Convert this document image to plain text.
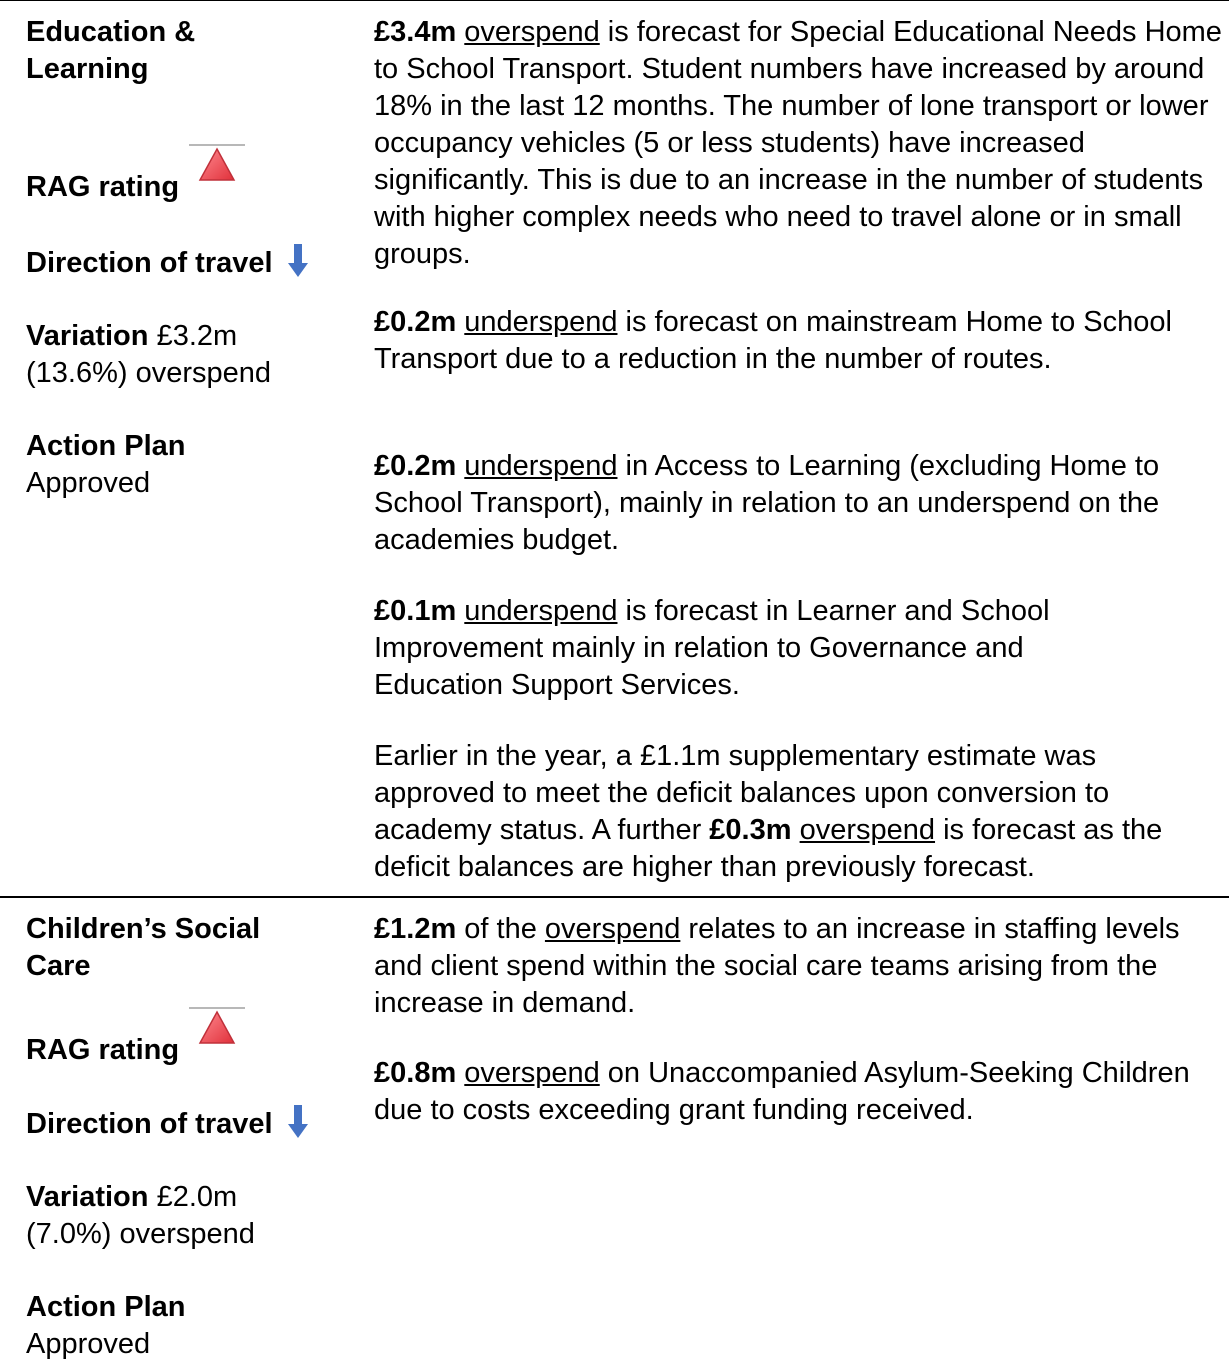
Education & Learning
RAG rating
Direction of travel
Variation £3.2m
(13.6%) overspend
Action Plan
Approved

£3.4m overspend is forecast for Special Educational Needs Home to School Transport. Student numbers have increased by around 18% in the last 12 months. The number of lone transport or lower occupancy vehicles (5 or less students) have increased significantly. This is due to an increase in the number of students with higher complex needs who need to travel alone or in small groups.

£0.2m underspend is forecast on mainstream Home to School Transport due to a reduction in the number of routes.

£0.2m underspend in Access to Learning (excluding Home to School Transport), mainly in relation to an underspend on the academies budget.

£0.1m underspend is forecast in Learner and School Improvement mainly in relation to Governance and Education Support Services.

Earlier in the year, a £1.1m supplementary estimate was approved to meet the deficit balances upon conversion to academy status. A further £0.3m overspend is forecast as the deficit balances are higher than previously forecast.

Children’s Social Care
RAG rating
Direction of travel
Variation £2.0m
(7.0%) overspend
Action Plan
Approved

£1.2m of the overspend relates to an increase in staffing levels and client spend within the social care teams arising from the increase in demand.

£0.8m overspend on Unaccompanied Asylum-Seeking Children due to costs exceeding grant funding received.
